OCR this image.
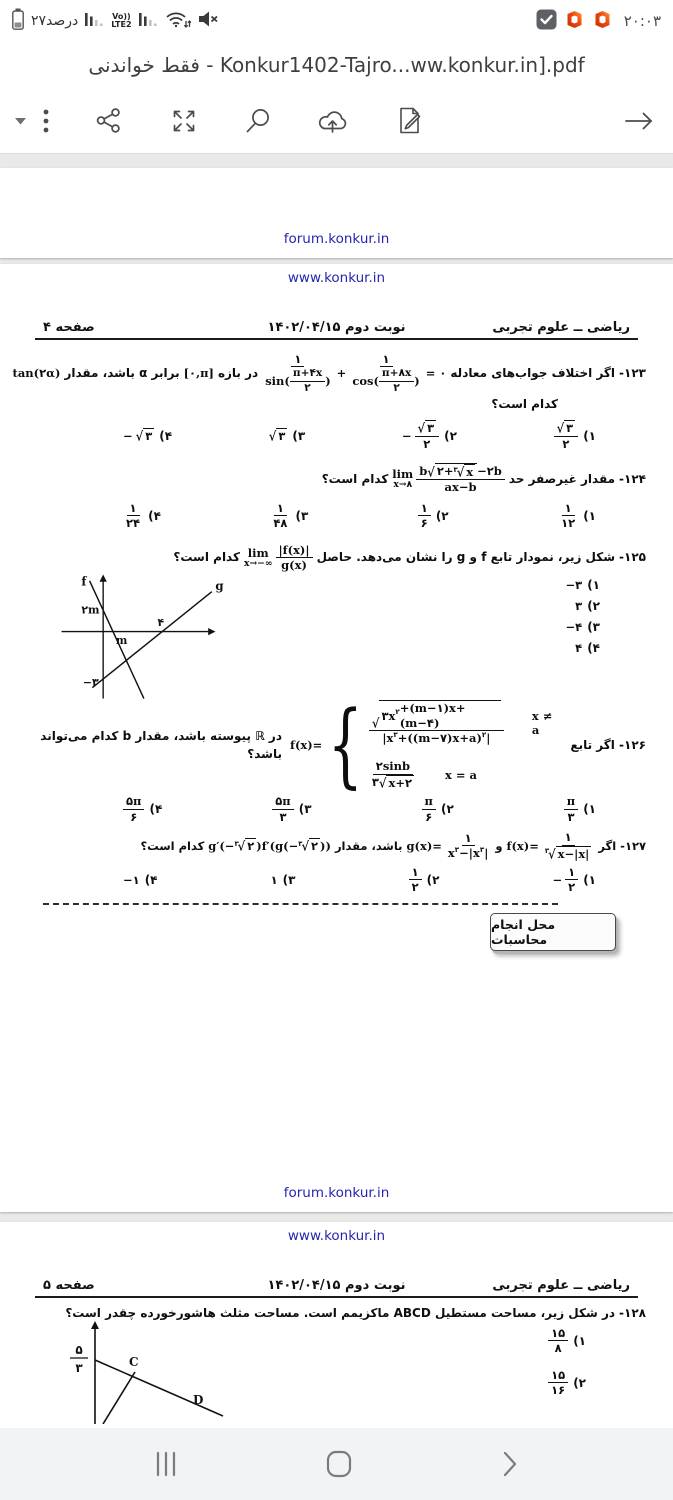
۲۷درصد	Vo))
LTE2	۲۰:۰۳
فقط خواندنی - Konkur1402-Tajro...ww.konkur.in].pdf
forum.konkur.in
www.konkur.in
ریاضی ــ علوم تجربی
نوبت دوم ۱۴۰۲/۰۴/۱۵
صفحه ۴
۱۲۳-
اگر اختلاف جواب‌های معادله
$\frac{۱}{\sin( \frac{\pi+۴x}{۲} )} + \frac{۱}{\cos( \frac{\pi+۸x}{۲} )}$ = ۰
در بازه
[۰,π]
برابر α باشد، مقدار
tan(۲α)
کدام است؟
۱)
$\frac{√ ۳}{۲}$
۲)
− $\frac{√ ۳}{۲}$
۳)
√ ۳
۴)
− √ ۳
۱۲۴-
مقدار غیرصفر حد
lim
x→۸ $\frac{b √ ۲+ ۳ √ x -۲b}{ax-b}$
کدام است؟
۱)
$\frac{۱}{۱۲}$
۲)
$\frac{۱}{۶}$
۳)
$\frac{۱}{۴۸}$
۴)
$\frac{۱}{۲۴}$
۱۲۵-
شکل زیر، نمودار تابع f و g را نشان می‌دهد. حاصل
lim
$x\to-\infty \frac{|f(x)|}{g(x)}$
کدام است؟
۱)
−۳
۲)
۳
۳)
−۴
۴)
۴
f	g
۲m
m
۴
−۳
۱۲۶- اگر تابع
f(x)= { $\frac{√ ۳x ۲ +(m-۱)x+(m-۴)}{|x ۳ +((m-۷)x+a) ۲ |}$ x ≠ a
$\frac{۲\sin b}{۳ √ x+۲}$ x = a
در ℝ پیوسته باشد، مقدار b کدام می‌تواند باشد؟
۱)
$\frac{\pi}{۳}$
۲)
$\frac{\pi}{۶}$
۳)
$\frac{۵\pi}{۳}$
۴)
$\frac{۵\pi}{۶}$
۱۲۷-
اگر
$f(x)= \frac{۱}{۳ √ x-|x|}$
و
$g(x)= \frac{۱}{x ۳ -|x ۳ |}$
باشد، مقدار
g′(− ۳ √ ۲ )f′(g(− ۳ √ ۲ ))
کدام است؟
۱)
− $\frac{۱}{۲}$
۲)
$\frac{۱}{۲}$
۳)
۱
۴)
−۱
محل انجام محاسبات
forum.konkur.in
www.konkur.in
ریاضی ــ علوم تجربی
نوبت دوم ۱۴۰۲/۰۴/۱۵
صفحه ۵
۱۲۸-
در شکل زیر، مساحت مستطیل ABCD ماکزیمم است. مساحت مثلث هاشورخورده چقدر است؟
۱)
$\frac{۱۵}{۸}$
۲)
$\frac{۱۵}{۱۶}$
۵
۳	C
D
